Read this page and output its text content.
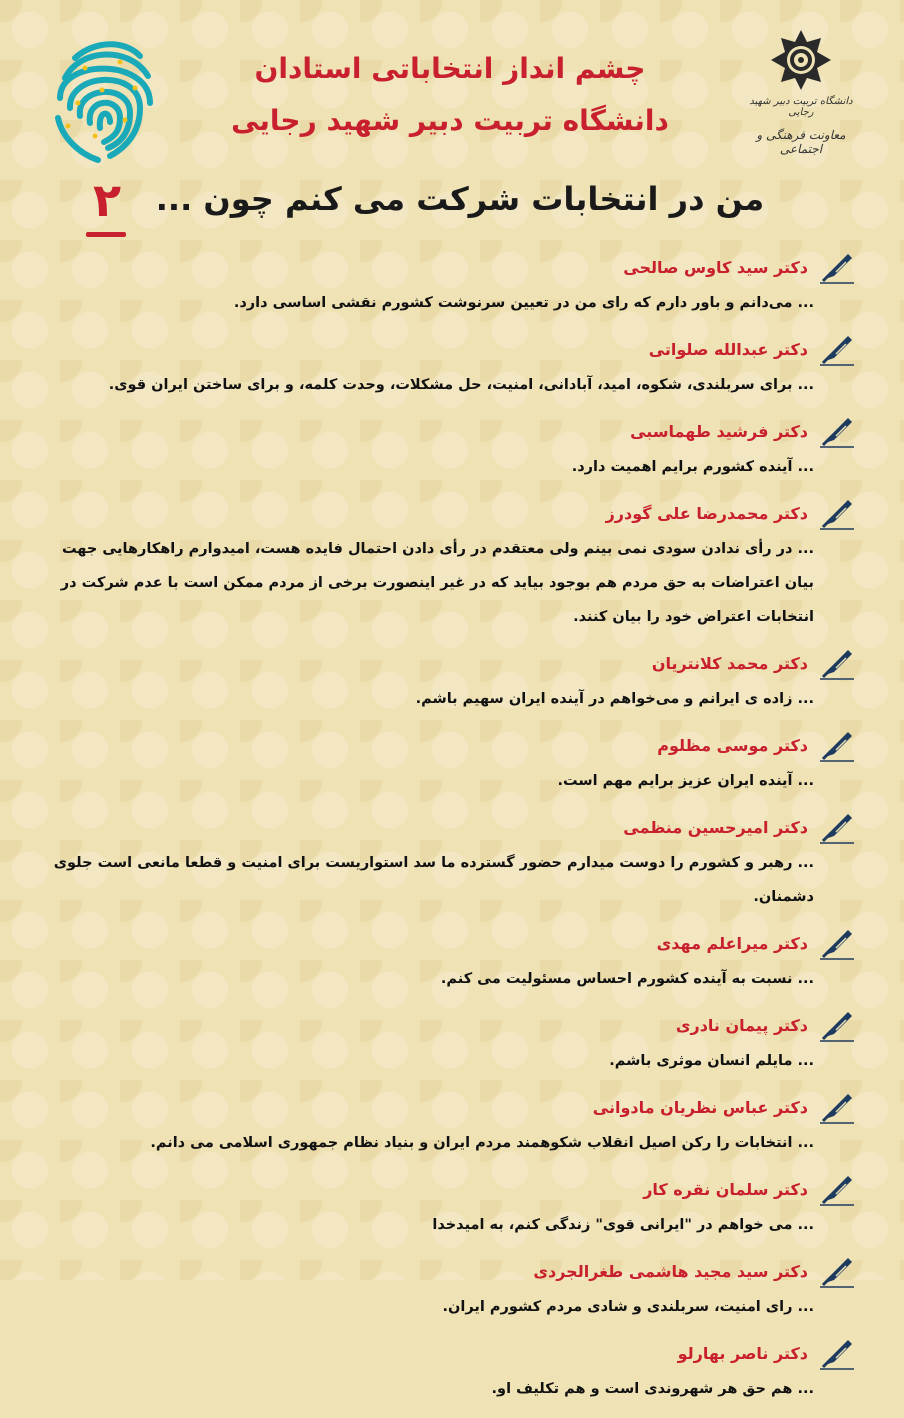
دانشگاه تربیت دبیر شهید رجایی
معاونت فرهنگی و اجتماعی
چشم انداز انتخاباتی استادان
دانشگاه تربیت دبیر شهید رجایی
من در انتخابات شرکت می کنم چون ...
۲
دکتر سید کاوس صالحی
... می‌دانم و باور دارم که رای من در تعیین سرنوشت کشورم نقشی اساسی دارد.
دکتر عبدالله صلواتی
... برای سربلندی، شکوه، امید، آبادانی، امنیت، حل مشکلات، وحدت کلمه، و برای ساختن ایران قوی.
دکتر فرشید طهماسبی
... آینده کشورم برایم اهمیت دارد.
دکتر محمدرضا علی گودرز
... در رأی ندادن سودی نمی بینم ولی معتقدم در رأی دادن احتمال فایده هست، امیدوارم راهکارهایی جهت بیان اعتراضات به حق مردم هم بوجود بیاید که در غیر اینصورت برخی از مردم ممکن است با عدم شرکت در انتخابات اعتراض خود را بیان کنند.
دکتر محمد کلانتریان
... زاده ی ایرانم و می‌خواهم در آینده ایران سهیم باشم.
دکتر موسی مظلوم
... آینده ایران عزیز برایم مهم است.
دکتر امیرحسین منظمی
... رهبر و کشورم را دوست میدارم حضور گسترده ما سد استواریست برای امنیت و قطعا مانعی است جلوی دشمنان.
دکتر میراعلم مهدی
... نسبت به آینده کشورم احساس مسئولیت می کنم.
دکتر پیمان نادری
... مایلم انسان موثری باشم.
دکتر عباس نظریان مادوانی
... انتخابات را رکن اصیل انقلاب شکوهمند مردم ایران و بنیاد نظام جمهوری اسلامی می دانم.
دکتر سلمان نقره کار
... می خواهم در "ایرانی قوی" زندگی کنم، به امیدخدا
دکتر سید مجید هاشمی طغرالجردی
... رای امنیت، سربلندی و شادی مردم کشورم ایران.
دکتر ناصر بهارلو
... هم حق هر شهروندی است و هم تکلیف او.
